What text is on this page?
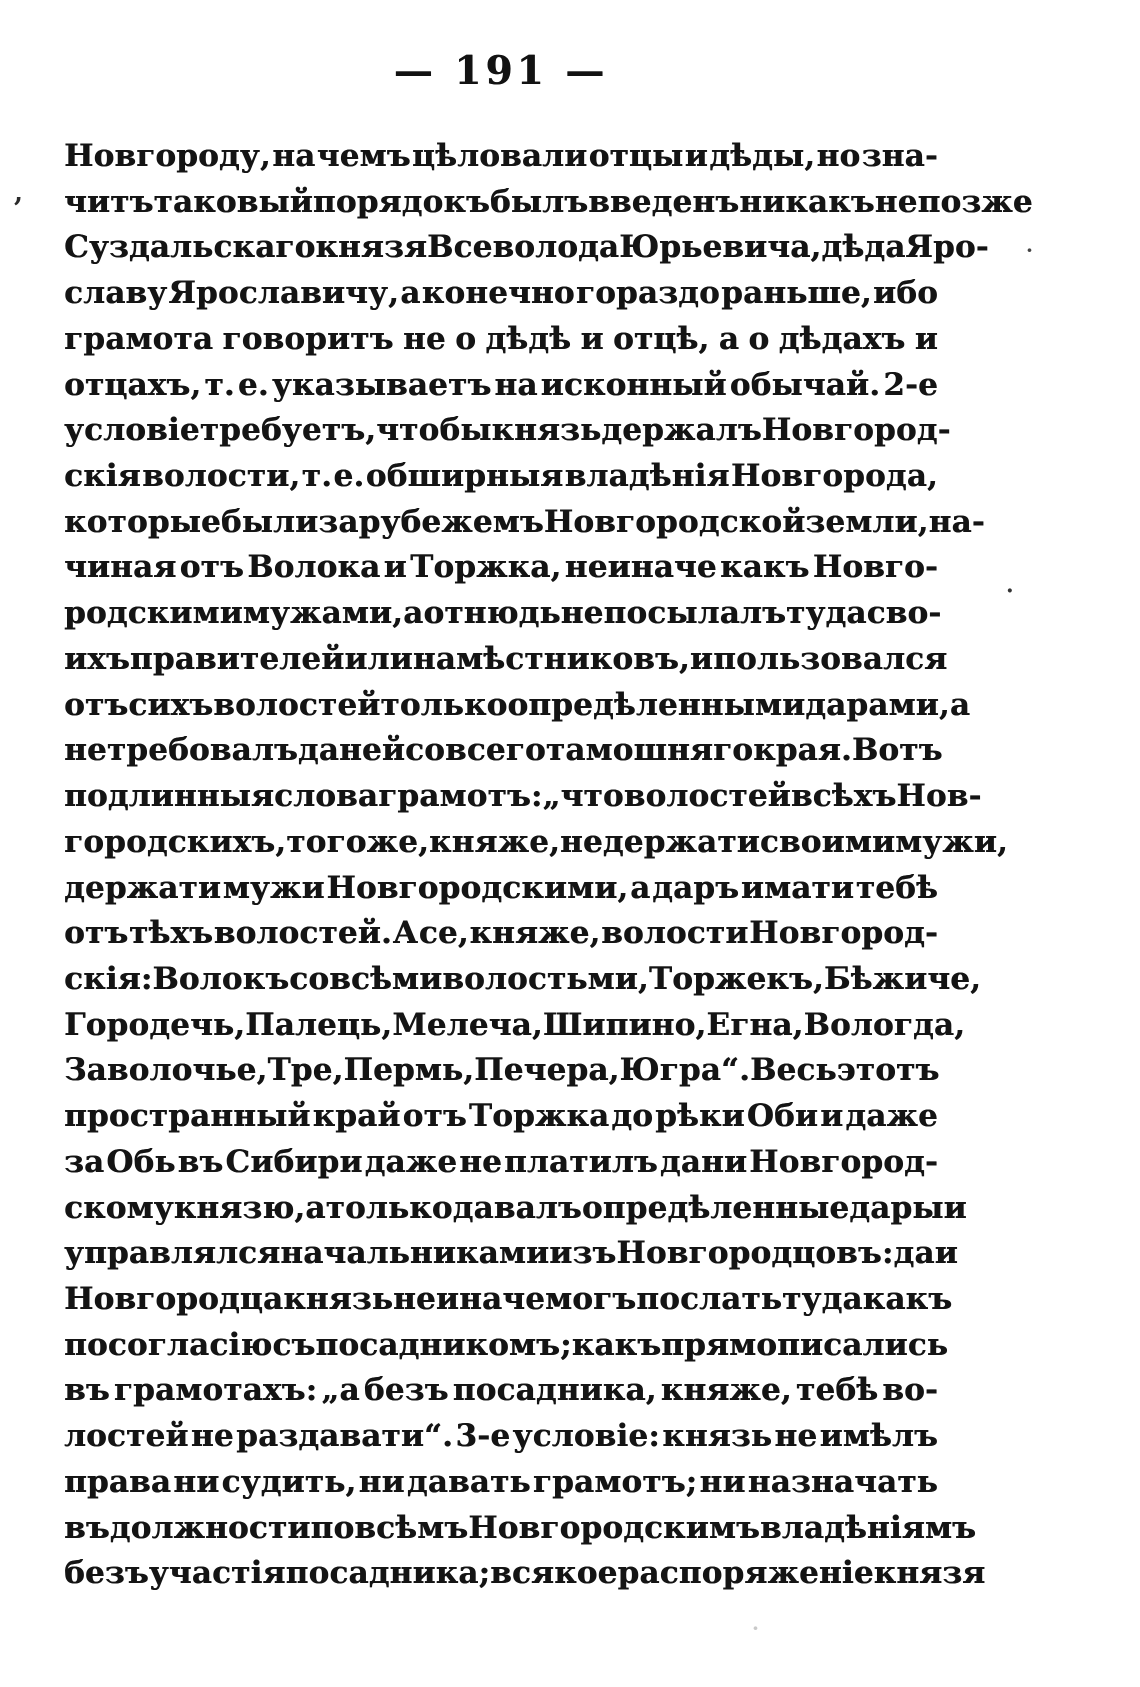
— 191 —
Новгороду, на чемъ цѣловали отцы и дѣды, но зна-
читъ таковый порядокъ былъ введенъ никакъ не позже
Суздальскаго князя Всеволода Юрьевича, дѣда Яро-
славу Ярославичу, а конечно гораздо раньше, ибо
грамота говоритъ не о дѣдѣ и отцѣ, а о дѣдахъ и
отцахъ, т. е. указываетъ на исконный обычай. 2-е
условіе требуетъ, чтобы князь держалъ Новгород-
скія волости, т. е. обширныя владѣнія Новгорода,
которые были за рубежемъ Новгородской земли, на-
чиная отъ Волока и Торжка, неиначе какъ Новго-
родскими мужами, а отнюдь не посылалъ туда сво-
ихъ правителей или намѣстниковъ, и пользовался
отъ сихъ волостей только опредѣленными дарами, а
не требовалъ даней со всего тамошняго края. Вотъ
подлинныя слова грамотъ: „что волостей всѣхъ Нов-
городскихъ, того же, княже, недержати своими мужи,
держати мужи Новгородскими, а даръ имати тебѣ
отъ тѣхъ волостей. А се, княже, волости Новгород-
скія: Волокъ со всѣми волостьми, Торжекъ, Бѣжиче,
Городечь, Палець, Мелеча, Шипино, Егна, Вологда,
Заволочье, Тре, Пермь, Печера, Югра“. Весь этотъ
пространный край отъ Торжка до рѣки Оби и даже
за Обь въ Сибири даже не платилъ дани Новгород-
скому князю, а только давалъ опредѣленные дары и
управлялся начальниками изъ Новгородцовъ: да и
Новгородца князь не иначе могъ послать туда какъ
по согласію съ посадникомъ; какъ прямо писались
въ грамотахъ: „а безъ посадника, княже, тебѣ во-
лостей не раздавати“. 3-е условіе: князь не имѣлъ
права ни судить, ни давать грамотъ; ни назначать
въ должности по всѣмъ Новгородскимъ владѣніямъ
безъ участія посадника; всякое распоряженіе князя
,
·
·
·
